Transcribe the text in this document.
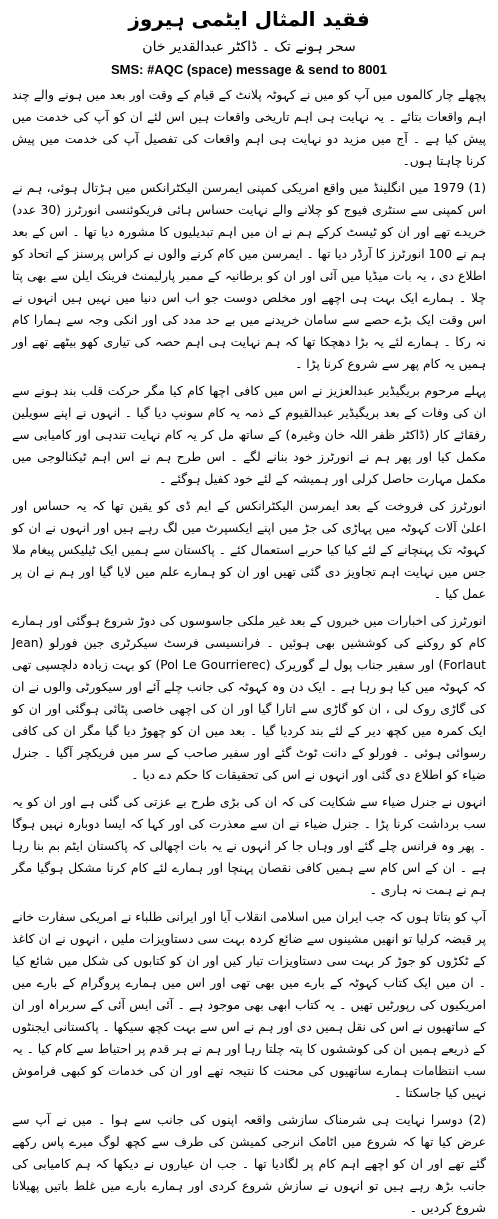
فقید المثال ایٹمی ہیروز
سحر ہونے تک ۔ ڈاکٹر عبدالقدیر خان
SMS: #AQC (space) message & send to 8001

پچھلے چار کالموں میں آپ کو میں نے کہوٹہ پلانٹ کے قیام کے وقت اور بعد میں ہونے والے چند اہم واقعات بتائے ۔ یہ نہایت ہی اہم تاریخی واقعات ہیں اس لئے ان کو آپ کی خدمت میں پیش کیا ہے ۔ آج میں مزید دو نہایت ہی اہم واقعات کی تفصیل آپ کی خدمت میں پیش کرنا چاہتا ہوں۔

(1) 1979 میں انگلینڈ میں واقع امریکی کمپنی ایمرسن الیکٹرانکس میں ہڑتال ہوئی، ہم نے اس کمپنی سے سنٹری فیوج کو چلانے والے نہایت حساس ہائی فریکوئنسی انورٹرز (30 عدد) خریدے تھے اور ان کو ٹیسٹ کرکے ہم نے ان میں اہم تبدیلیوں کا مشورہ دیا تھا ۔ اس کے بعد ہم نے 100 انورٹرز کا آرڈر دیا تھا ۔ ایمرسن میں کام کرنے والوں نے کراس پرسنز کے اتحاد کو اطلاع دی ، یہ بات میڈیا میں آئی اور ان کو برطانیہ کے ممبر پارلیمنٹ فرینک ایلن سے بھی پتا چلا ۔ ہمارے ایک بہت ہی اچھے اور مخلص دوست جو اب اس دنیا میں نہیں ہیں انہوں نے اس وقت ایک بڑے حصے سے سامان خریدنے میں بے حد مدد کی اور انکی وجہ سے ہمارا کام نہ رکا ۔ ہمارے لئے یہ بڑا دھچکا تھا کہ ہم نہایت ہی اہم حصہ کی تیاری کھو بیٹھے تھے اور ہمیں یہ کام پھر سے شروع کرنا پڑا ۔

پہلے مرحوم بریگیڈیر عبدالعزیز نے اس میں کافی اچھا کام کیا مگر حرکت قلب بند ہونے سے ان کی وفات کے بعد بریگیڈیر عبدالقیوم کے ذمہ یہ کام سونپ دیا گیا ۔ انہوں نے اپنے سویلین رفقائے کار (ڈاکٹر ظفر اللہ خان وغیرہ) کے ساتھ مل کر یہ کام نہایت تندہی اور کامیابی سے مکمل کیا اور پھر ہم نے انورٹرز خود بنانے لگے ۔ اس طرح ہم نے اس اہم ٹیکنالوجی میں مکمل مہارت حاصل کرلی اور ہمیشہ کے لئے خود کفیل ہوگئے ۔

انورٹرز کی فروخت کے بعد ایمرسن الیکٹرانکس کے ایم ڈی کو یقین تھا کہ یہ حساس اور اعلیٰ آلات کہوٹہ میں پہاڑی کی جڑ میں اپنے ایکسپرٹ میں لگ رہے ہیں اور انہوں نے ان کو کہوٹہ تک پہنچانے کے لئے کیا کیا حربے استعمال کئے ۔ پاکستان سے ہمیں ایک ٹیلیکس پیغام ملا جس میں نہایت اہم تجاویز دی گئی تھیں اور ان کو ہمارے علم میں لایا گیا اور ہم نے ان پر عمل کیا ۔

انورٹرز کی اخبارات میں خبروں کے بعد غیر ملکی جاسوسوں کی دوڑ شروع ہوگئی اور ہمارے کام کو روکنے کی کوششیں بھی ہوئیں ۔ فرانسیسی فرسٹ سیکرٹری جین فورلو (Jean Forlaut) اور سفیر جناب پول لے گوریرک (Pol Le Gourrierec) کو بہت زیادہ دلچسپی تھی کہ کہوٹہ میں کیا ہو رہا ہے ۔ ایک دن وہ کہوٹہ کی جانب چلے آئے اور سیکورٹی والوں نے ان کی گاڑی روک لی ، ان کو گاڑی سے اتارا گیا اور ان کی اچھی خاصی پٹائی ہوگئی اور ان کو ایک کمرہ میں کچھ دیر کے لئے بند کردیا گیا ۔ بعد میں ان کو چھوڑ دیا گیا مگر ان کی کافی رسوائی ہوئی ۔ فورلو کے دانت ٹوٹ گئے اور سفیر صاحب کے سر میں فریکچر آگیا ۔ جنرل ضیاء کو اطلاع دی گئی اور انہوں نے اس کی تحقیقات کا حکم دے دیا ۔

انہوں نے جنرل ضیاء سے شکایت کی کہ ان کی بڑی طرح بے عزتی کی گئی ہے اور ان کو یہ سب برداشت کرنا پڑا ۔ جنرل ضیاء نے ان سے معذرت کی اور کہا کہ ایسا دوبارہ نہیں ہوگا ۔ پھر وہ فرانس چلے گئے اور وہاں جا کر انہوں نے یہ بات اچھالی کہ پاکستان ایٹم بم بنا رہا ہے ۔ ان کے اس کام سے ہمیں کافی نقصان پہنچا اور ہمارے لئے کام کرنا مشکل ہوگیا مگر ہم نے ہمت نہ ہاری ۔

آپ کو بتاتا ہوں کہ جب ایران میں اسلامی انقلاب آیا اور ایرانی طلباء نے امریکی سفارت خانے پر قبضہ کرلیا تو انھیں مشینوں سے ضائع کردہ بہت سی دستاویزات ملیں ، انہوں نے ان کاغذ کے ٹکڑوں کو جوڑ کر بہت سی دستاویزات تیار کیں اور ان کو کتابوں کی شکل میں شائع کیا ۔ ان میں ایک کتاب کہوٹہ کے بارے میں بھی تھی اور اس میں ہمارے پروگرام کے بارے میں امریکیوں کی رپورٹیں تھیں ۔ یہ کتاب ابھی بھی موجود ہے ۔ آئی ایس آئی کے سربراہ اور ان کے ساتھیوں نے اس کی نقل ہمیں دی اور ہم نے اس سے بہت کچھ سیکھا ۔ پاکستانی ایجنٹوں کے ذریعے ہمیں ان کی کوششوں کا پتہ چلتا رہا اور ہم نے ہر قدم پر احتیاط سے کام کیا ۔ یہ سب انتظامات ہمارے ساتھیوں کی محنت کا نتیجہ تھے اور ان کی خدمات کو کبھی فراموش نہیں کیا جاسکتا ۔

(2) دوسرا نہایت ہی شرمناک سازشی واقعہ اپنوں کی جانب سے ہوا ۔ میں نے آپ سے عرض کیا تھا کہ شروع میں اٹامک انرجی کمیشن کی طرف سے کچھ لوگ میرے پاس رکھے گئے تھے اور ان کو اچھے اہم کام پر لگادیا تھا ۔ جب ان عیاروں نے دیکھا کہ ہم کامیابی کی جانب بڑھ رہے ہیں تو انہوں نے سازش شروع کردی اور ہمارے بارے میں غلط باتیں پھیلانا شروع کردیں ۔
